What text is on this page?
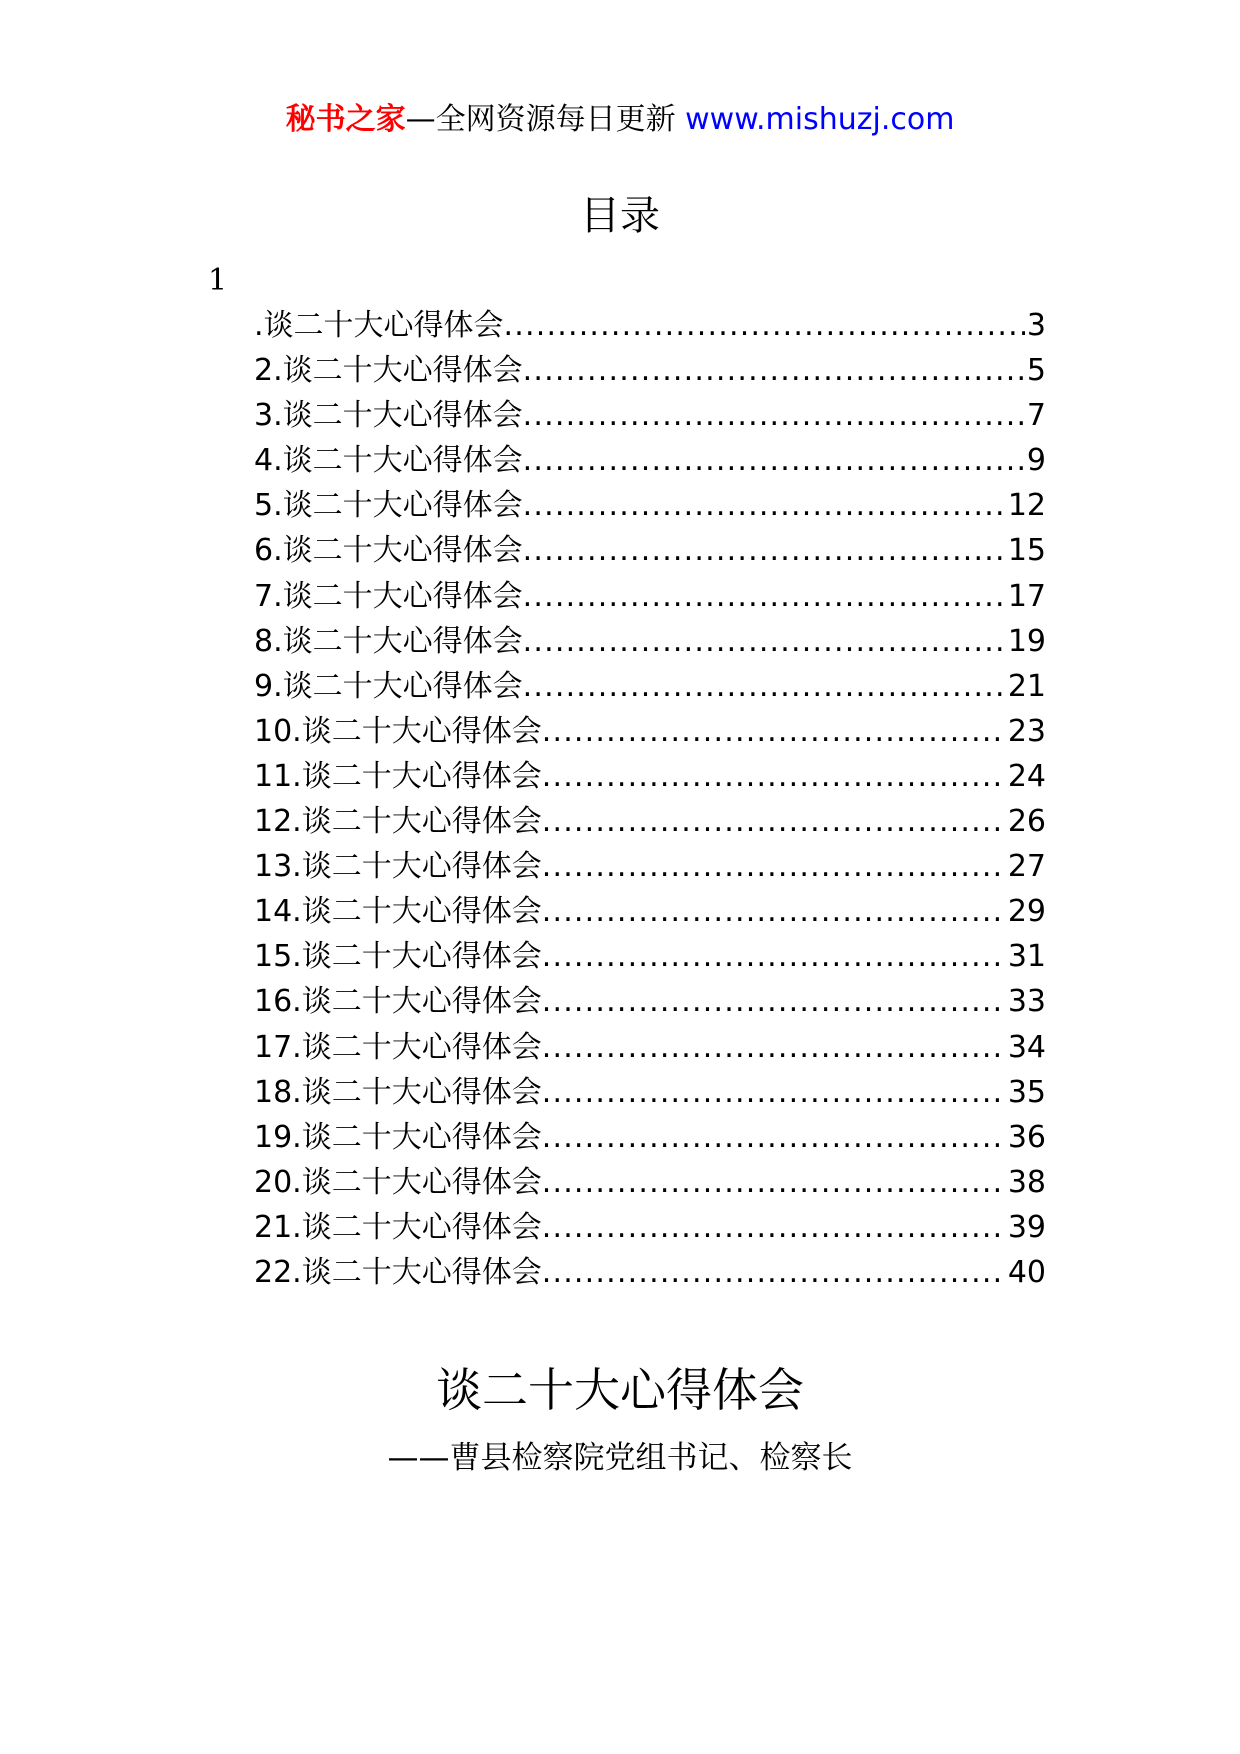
秘书之家—全网资源每日更新 www.mishuzj.com
目录
1
.谈二十大心得体会 .....	3
2.谈二十大心得体会 .....	5
3.谈二十大心得体会 .....	7
4.谈二十大心得体会 .....	9
5.谈二十大心得体会 .....	12
6.谈二十大心得体会 .....	15
7.谈二十大心得体会 .....	17
8.谈二十大心得体会 .....	19
9.谈二十大心得体会 .....	21
10.谈二十大心得体会 .....	23
11.谈二十大心得体会 .....	24
12.谈二十大心得体会 .....	26
13.谈二十大心得体会 .....	27
14.谈二十大心得体会 .....	29
15.谈二十大心得体会 .....	31
16.谈二十大心得体会 .....	33
17.谈二十大心得体会 .....	34
18.谈二十大心得体会 .....	35
19.谈二十大心得体会 .....	36
20.谈二十大心得体会 .....	38
21.谈二十大心得体会 .....	39
22.谈二十大心得体会 .....	40
谈二十大心得体会
——曹县检察院党组书记、检察长
